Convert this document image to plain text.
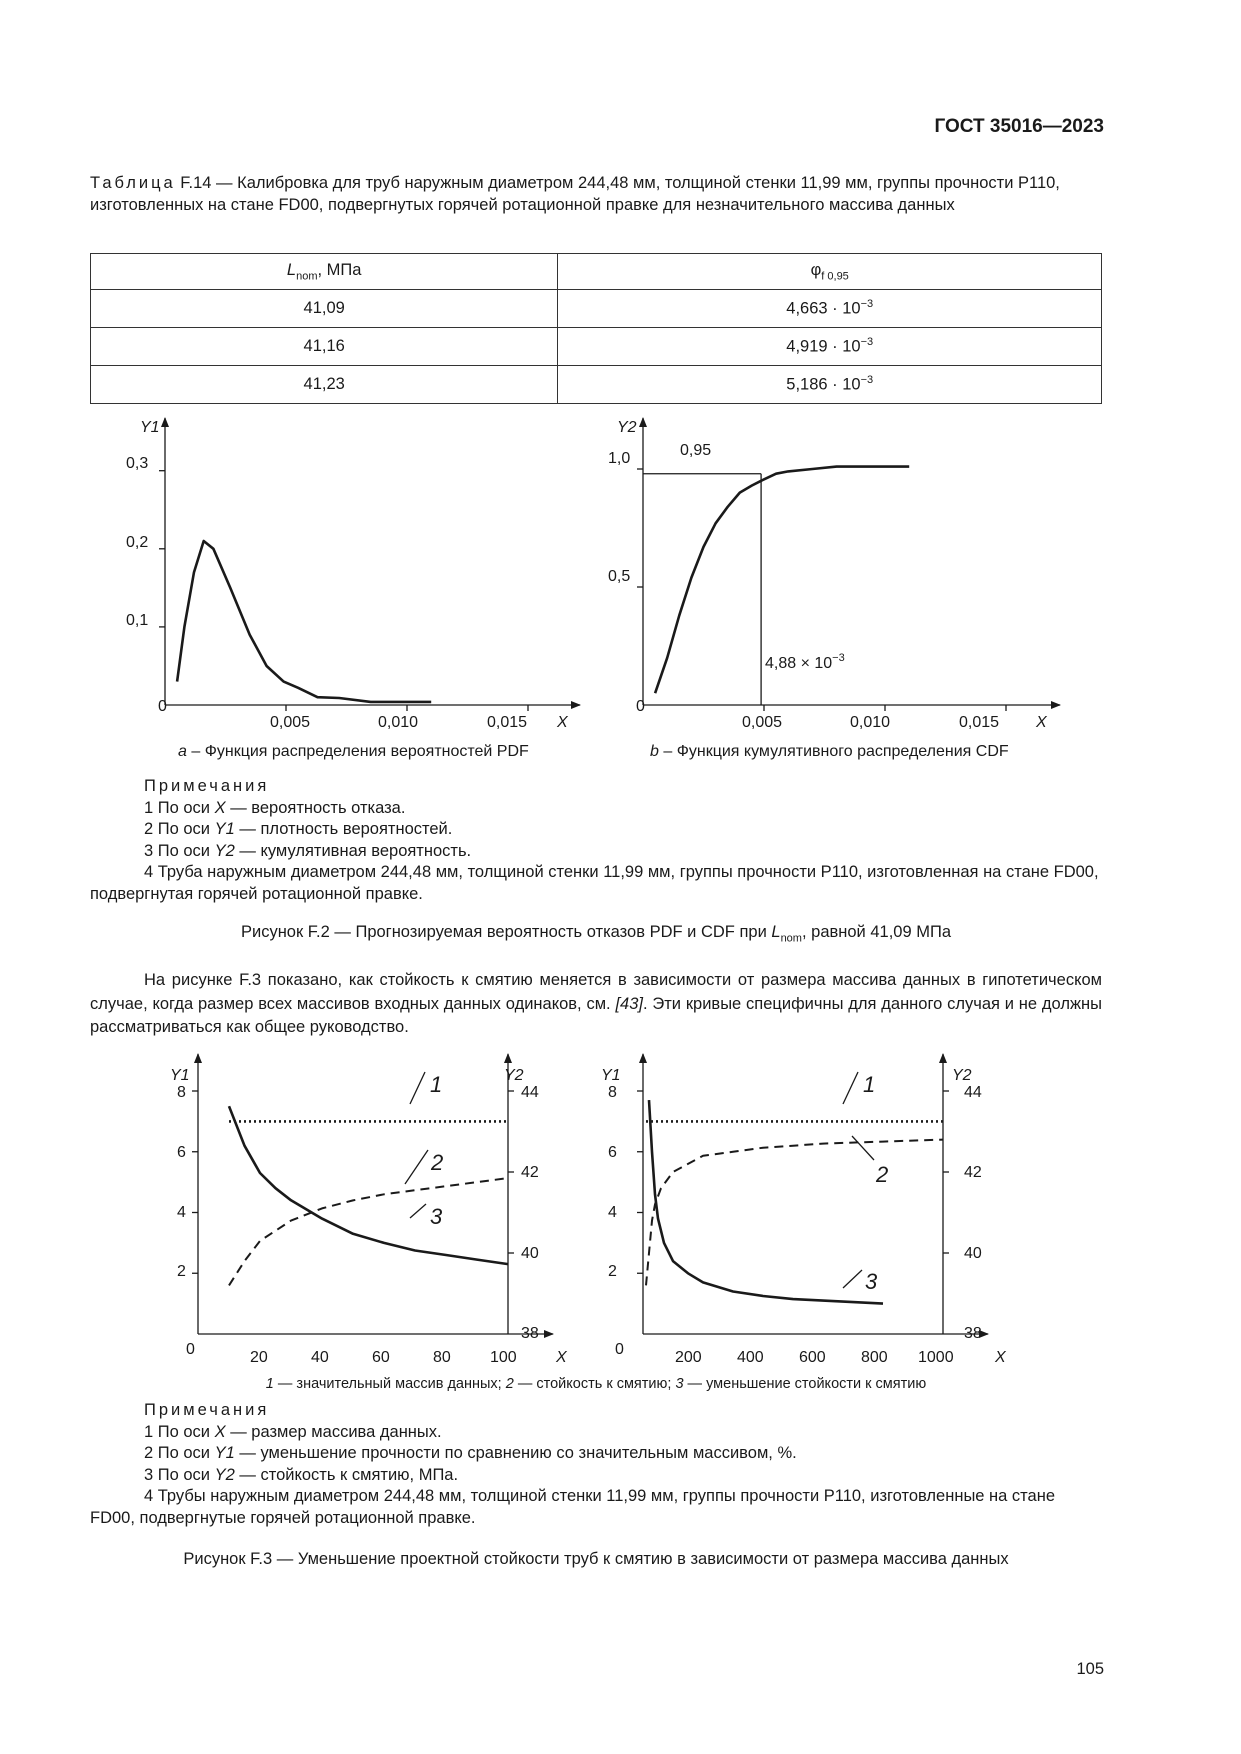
ГОСТ 35016—2023
Таблица F.14 — Калибровка для труб наружным диаметром 244,48 мм, толщиной стенки 11,99 мм, группы прочности Р110, изготовленных на стане FD00, подвергнутых горячей ротационной правке для незначительного массива данных
$L_{nom}$, МПа	$\varphi_{f 0,95}$
41,09	$4,663 \cdot 10^{-3}$
41,16	$4,919 \cdot 10^{-3}$
41,23	$5,186 \cdot 10^{-3}$
Y1
X
0,3
0,2
0,1
0
0,005	0,010	0,015
Y2
X
1,0
0,5
0
0,005	0,010	0,015
0,95
$4,88 \times 10^{-3}$
a – Функция распределения вероятностей PDF	b – Функция кумулятивного распределения CDF
Примечания
1 По оси X — вероятность отказа.
2 По оси Y1 — плотность вероятностей.
3 По оси Y2 — кумулятивная вероятность.
4 Труба наружным диаметром 244,48 мм, толщиной стенки 11,99 мм, группы прочности Р110, изготовленная на стане FD00, подвергнутая горячей ротационной правке.
Рисунок F.2 — Прогнозируемая вероятность отказов PDF и CDF при $L_{nom}$, равной 41,09 МПа
На рисунке F.3 показано, как стойкость к смятию меняется в зависимости от размера массива данных в гипотетическом случае, когда размер всех массивов входных данных одинаков, см. [43]. Эти кривые специфичны для данного случая и не должны рассматриваться как общее руководство.
Y1	Y2
X
8
6
4
2
0
44
42
40
38
20	40	60	80 100
1
2
3
Y1	Y2
X
8
6
4
2
0
44
42
40
38
200 400 600 800 1000
1
2
3
1 — значительный массив данных; 2 — стойкость к смятию; 3 — уменьшение стойкости к смятию
Примечания
1 По оси X — размер массива данных.
2 По оси Y1 — уменьшение прочности по сравнению со значительным массивом, %.
3 По оси Y2 — стойкость к смятию, МПа.
4 Трубы наружным диаметром 244,48 мм, толщиной стенки 11,99 мм, группы прочности Р110, изготовленные на стане FD00, подвергнутые горячей ротационной правке.
Рисунок F.3 — Уменьшение проектной стойкости труб к смятию в зависимости от размера массива данных
105
